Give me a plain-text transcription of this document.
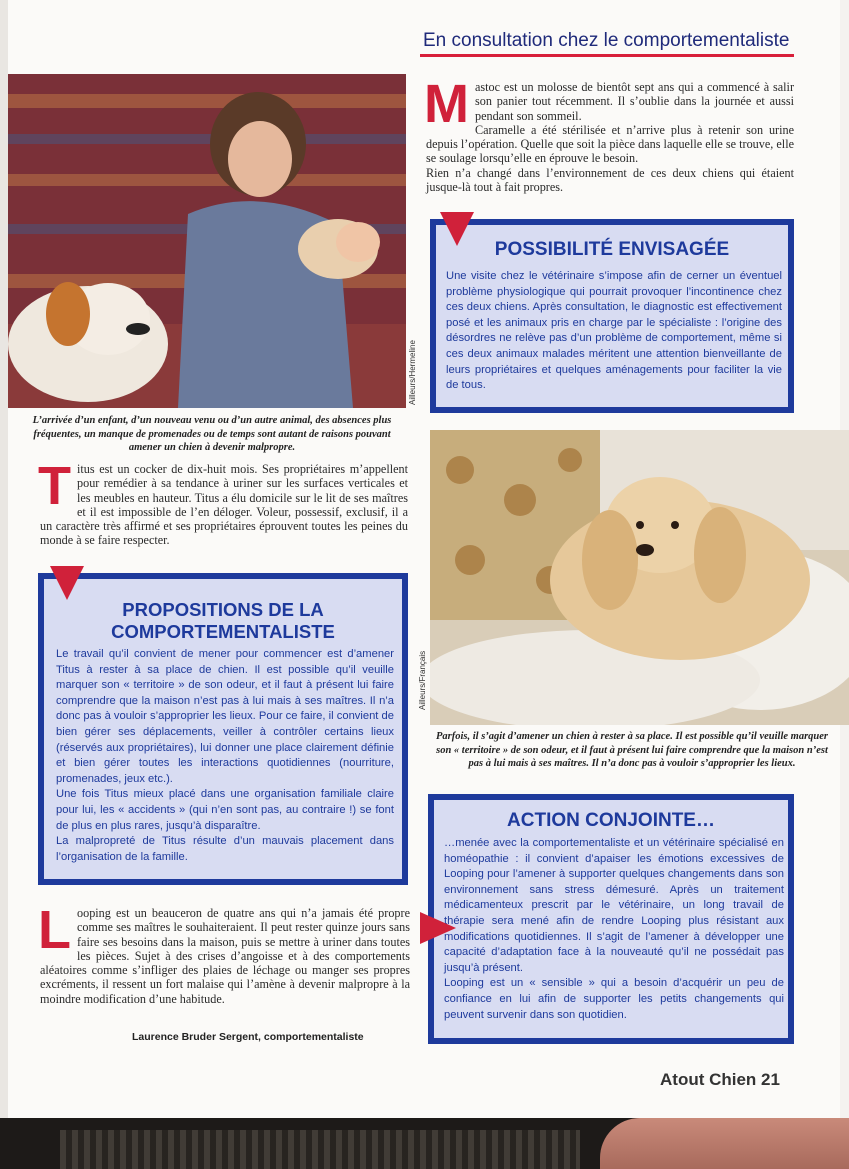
En consultation chez le comportementaliste
Ailleurs/Hermeline
L’arrivée d’un enfant, d’un nouveau venu ou d’un autre animal, des absences plus fréquentes, un manque de promenades ou de temps sont autant de raisons pouvant amener un chien à devenir malpropre.
M astoc est un molosse de bientôt sept ans qui a commencé à salir son panier tout récemment. Il s’oublie dans la journée et aussi pendant son sommeil.

Caramelle a été stérilisée et n’arrive plus à retenir son urine depuis l’opération. Quelle que soit la pièce dans laquelle elle se trouve, elle se soulage lorsqu’elle en éprouve le besoin.

Rien n’a changé dans l’environnement de ces deux chiens qui étaient jusque-là tout à fait propres.

POSSIBILITÉ ENVISAGÉE

Une visite chez le vétérinaire s’impose afin de cerner un éventuel problème physiologique qui pourrait provoquer l’incontinence chez ces deux chiens. Après consultation, le diagnostic est effectivement posé et les animaux pris en charge par le spécialiste : l’origine des désordres ne relève pas d’un problème de comportement, même si ces deux animaux malades méritent une attention bienveillante de leurs propriétaires et quelques aménagements pour faciliter la vie de tous.

Ailleurs/Français
Parfois, il s’agit d’amener un chien à rester à sa place. Il est possible qu’il veuille marquer son « territoire » de son odeur, et il faut à présent lui faire comprendre que la maison n’est pas à lui mais à ses maîtres. Il n’a donc pas à vouloir s’approprier les lieux.
T itus est un cocker de dix-huit mois. Ses propriétaires m’appellent pour remédier à sa tendance à uriner sur les surfaces verticales et les meubles en hauteur. Titus a élu domicile sur le lit de ses maîtres et il est impossible de l’en déloger. Voleur, possessif, exclusif, il a un caractère très affirmé et ses propriétaires éprouvent toutes les peines du monde à se faire respecter.

PROPOSITIONS DE LA
COMPORTEMENTALISTE

Le travail qu’il convient de mener pour commencer est d’amener Titus à rester à sa place de chien. Il est possible qu’il veuille marquer son « territoire » de son odeur, et il faut à présent lui faire comprendre que la maison n’est pas à lui mais à ses maîtres. Il n’a donc pas à vouloir s’approprier les lieux. Pour ce faire, il convient de bien gérer ses déplacements, veiller à contrôler certains lieux (réservés aux propriétaires), lui donner une place clairement définie et bien gérer toutes les interactions quotidiennes (nourriture, promenades, jeux etc.).

Une fois Titus mieux placé dans une organisation familiale claire pour lui, les « accidents » (qui n’en sont pas, au contraire !) se font de plus en plus rares, jusqu’à disparaître.

La malpropreté de Titus résulte d’un mauvais placement dans l’organisation de la famille.

L ooping est un beauceron de quatre ans qui n’a jamais été propre comme ses maîtres le souhaiteraient. Il peut rester quinze jours sans faire ses besoins dans la maison, puis se mettre à uriner dans toutes les pièces. Sujet à des crises d’angoisse et à des comportements aléatoires comme s’infliger des plaies de léchage ou manger ses propres excréments, il ressent un fort malaise qui l’amène à devenir malpropre à la moindre modification d’une habitude.

Laurence Bruder Sergent, comportementaliste
ACTION CONJOINTE…

…menée avec la comportementaliste et un vétérinaire spécialisé en homéopathie : il convient d’apaiser les émotions excessives de Looping pour l’amener à supporter quelques changements dans son environnement sans stress démesuré. Après un traitement médicamenteux prescrit par le vétérinaire, un long travail de thérapie sera mené afin de rendre Looping plus résistant aux modifications quotidiennes. Il s’agit de l’amener à développer une capacité d’adaptation face à la nouveauté qu’il ne possédait pas jusqu’à présent.

Looping est un « sensible » qui a besoin d’acquérir un peu de confiance en lui afin de supporter les petits changements qui peuvent survenir dans son quotidien.

Atout Chien 21
